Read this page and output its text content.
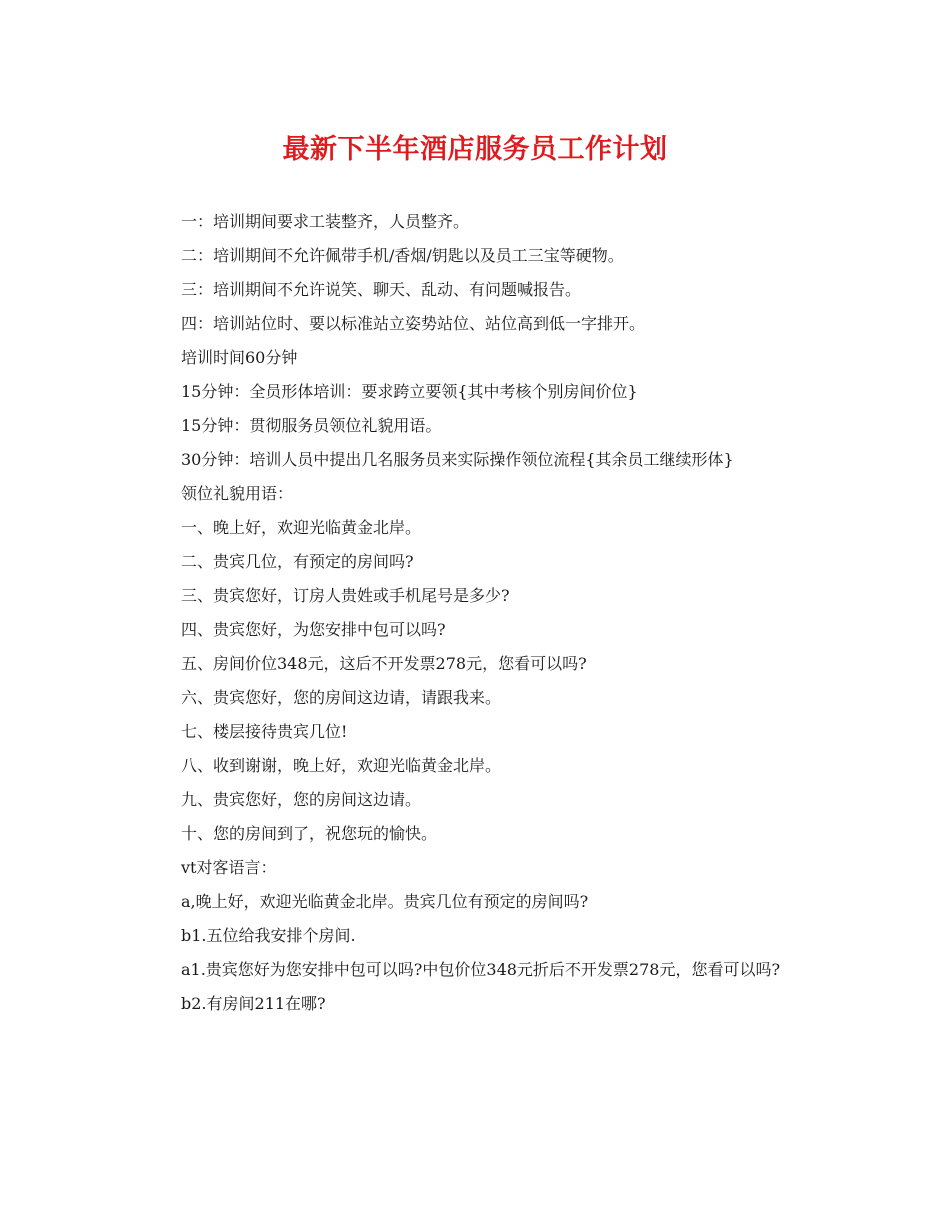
最新下半年酒店服务员工作计划

一：培训期间要求工装整齐，人员整齐。

二：培训期间不允许佩带手机/香烟/钥匙以及员工三宝等硬物。

三：培训期间不允许说笑、聊天、乱动、有问题喊报告。

四：培训站位时、要以标准站立姿势站位、站位高到低一字排开。

培训时间60分钟

15分钟：全员形体培训：要求跨立要领{其中考核个别房间价位}

15分钟：贯彻服务员领位礼貌用语。

30分钟：培训人员中提出几名服务员来实际操作领位流程{其余员工继续形体}

领位礼貌用语：

一、晚上好，欢迎光临黄金北岸。

二、贵宾几位，有预定的房间吗?

三、贵宾您好，订房人贵姓或手机尾号是多少?

四、贵宾您好，为您安排中包可以吗?

五、房间价位348元，这后不开发票278元，您看可以吗?

六、贵宾您好，您的房间这边请，请跟我来。

七、楼层接待贵宾几位!

八、收到谢谢，晚上好，欢迎光临黄金北岸。

九、贵宾您好，您的房间这边请。

十、您的房间到了，祝您玩的愉快。

vt对客语言：

a,晚上好，欢迎光临黄金北岸。贵宾几位有预定的房间吗?

b1.五位给我安排个房间.

a1.贵宾您好为您安排中包可以吗?中包价位348元折后不开发票278元，您看可以吗?

b2.有房间211在哪?
